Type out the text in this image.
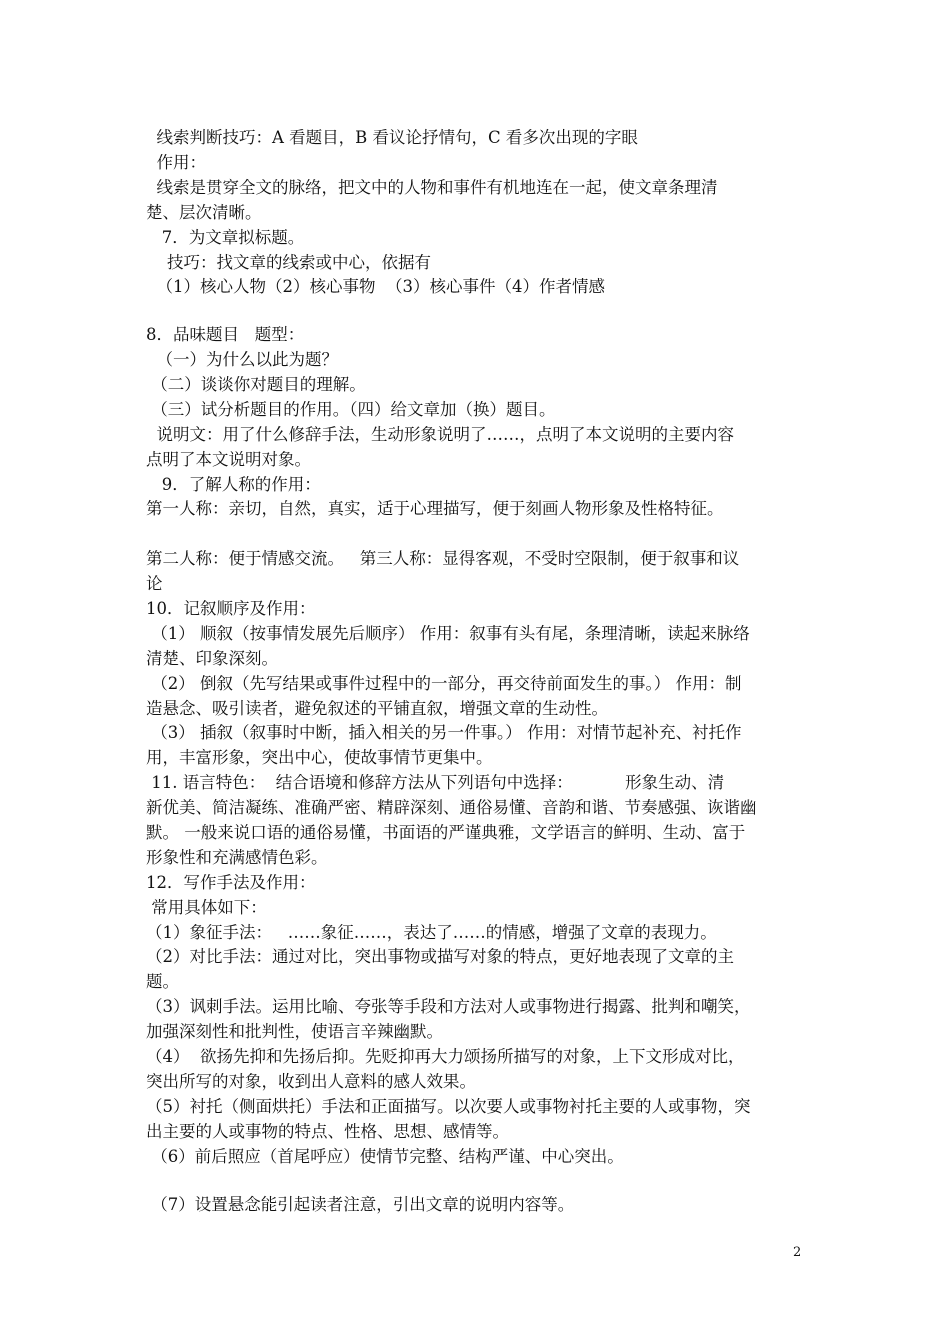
线索判断技巧：A 看题目，B 看议论抒情句，C 看多次出现的字眼
作用：
线索是贯穿全文的脉络，把文中的人物和事件有机地连在一起，使文章条理清
楚、层次清晰。
7．为文章拟标题。
技巧：找文章的线索或中心，依据有
（1）核心人物（2）核心事物  （3）核心事件（4）作者情感
8．品味题目   题型：
（一）为什么以此为题？
（二）谈谈你对题目的理解。
（三）试分析题目的作用。（四）给文章加（换）题目。
说明文：用了什么修辞手法，生动形象说明了……，点明了本文说明的主要内容
点明了本文说明对象。
9．了解人称的作用：
第一人称：亲切，自然，真实，适于心理描写，便于刻画人物形象及性格特征。
第二人称：便于情感交流。   第三人称：显得客观，不受时空限制，便于叙事和议
论
10．记叙顺序及作用：
（1） 顺叙（按事情发展先后顺序） 作用：叙事有头有尾，条理清晰，读起来脉络
清楚、印象深刻。
（2） 倒叙（先写结果或事件过程中的一部分，再交待前面发生的事。） 作用：制
造悬念、吸引读者，避免叙述的平铺直叙，增强文章的生动性。
（3） 插叙（叙事时中断，插入相关的另一件事。） 作用：对情节起补充、衬托作
用，丰富形象，突出中心，使故事情节更集中。
11. 语言特色：  结合语境和修辞方法从下列语句中选择：          形象生动、清
新优美、简洁凝练、准确严密、精辟深刻、通俗易懂、音韵和谐、节奏感强、诙谐幽
默。 一般来说口语的通俗易懂，书面语的严谨典雅，文学语言的鲜明、生动、富于
形象性和充满感情色彩。
12．写作手法及作用：
常用具体如下：
（1）象征手法：   ……象征……，表达了……的情感，增强了文章的表现力。
（2）对比手法：通过对比，突出事物或描写对象的特点，更好地表现了文章的主
题。
（3）讽刺手法。运用比喻、夸张等手段和方法对人或事物进行揭露、批判和嘲笑，
加强深刻性和批判性，使语言辛辣幽默。
（4）  欲扬先抑和先扬后抑。先贬抑再大力颂扬所描写的对象，上下文形成对比，
突出所写的对象，收到出人意料的感人效果。
（5）衬托（侧面烘托）手法和正面描写。以次要人或事物衬托主要的人或事物，突
出主要的人或事物的特点、性格、思想、感情等。
（6）前后照应（首尾呼应）使情节完整、结构严谨、中心突出。
（7）设置悬念能引起读者注意，引出文章的说明内容等。
2
